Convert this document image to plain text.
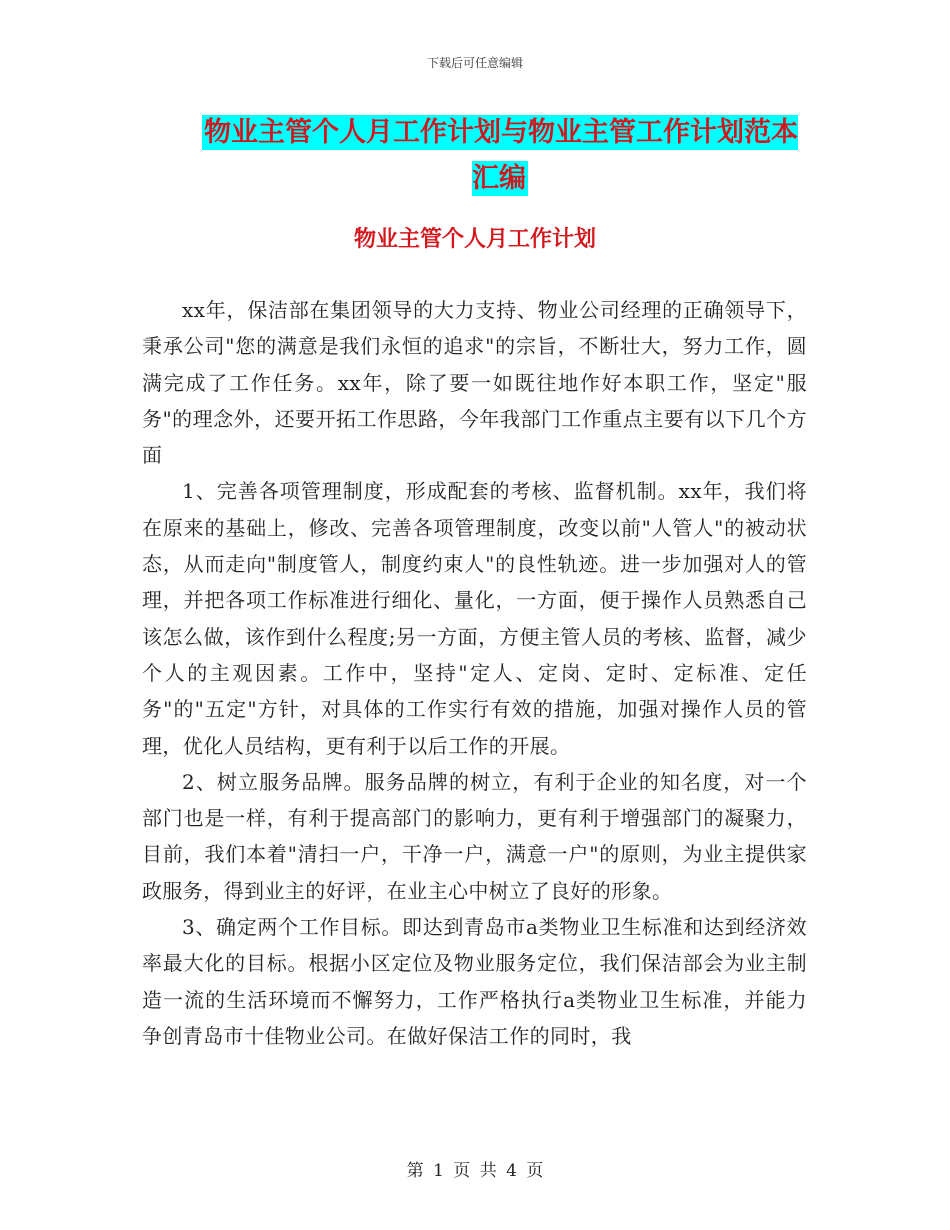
下载后可任意编辑
物业主管个人月工作计划与物业主管工作计划范本汇编
物业主管个人月工作计划

xx年，保洁部在集团领导的大力支持、物业公司经理的正确领导下，秉承公司"您的满意是我们永恒的追求"的宗旨，不断壮大，努力工作，圆满完成了工作任务。xx年，除了要一如既往地作好本职工作，坚定"服务"的理念外，还要开拓工作思路，今年我部门工作重点主要有以下几个方面

1、完善各项管理制度，形成配套的考核、监督机制。xx年，我们将在原来的基础上，修改、完善各项管理制度，改变以前"人管人"的被动状态，从而走向"制度管人，制度约束人"的良性轨迹。进一步加强对人的管理，并把各项工作标准进行细化、量化，一方面，便于操作人员熟悉自己该怎么做，该作到什么程度;另一方面，方便主管人员的考核、监督，减少个人的主观因素。工作中，坚持"定人、定岗、定时、定标准、定任务"的"五定"方针，对具体的工作实行有效的措施，加强对操作人员的管理，优化人员结构，更有利于以后工作的开展。

2、树立服务品牌。服务品牌的树立，有利于企业的知名度，对一个部门也是一样，有利于提高部门的影响力，更有利于增强部门的凝聚力，目前，我们本着"清扫一户，干净一户，满意一户"的原则，为业主提供家政服务，得到业主的好评，在业主心中树立了良好的形象。

3、确定两个工作目标。即达到青岛市a类物业卫生标准和达到经济效率最大化的目标。根据小区定位及物业服务定位，我们保洁部会为业主制造一流的生活环境而不懈努力，工作严格执行a类物业卫生标准，并能力争创青岛市十佳物业公司。在做好保洁工作的同时，我

第 1 页 共 4 页
